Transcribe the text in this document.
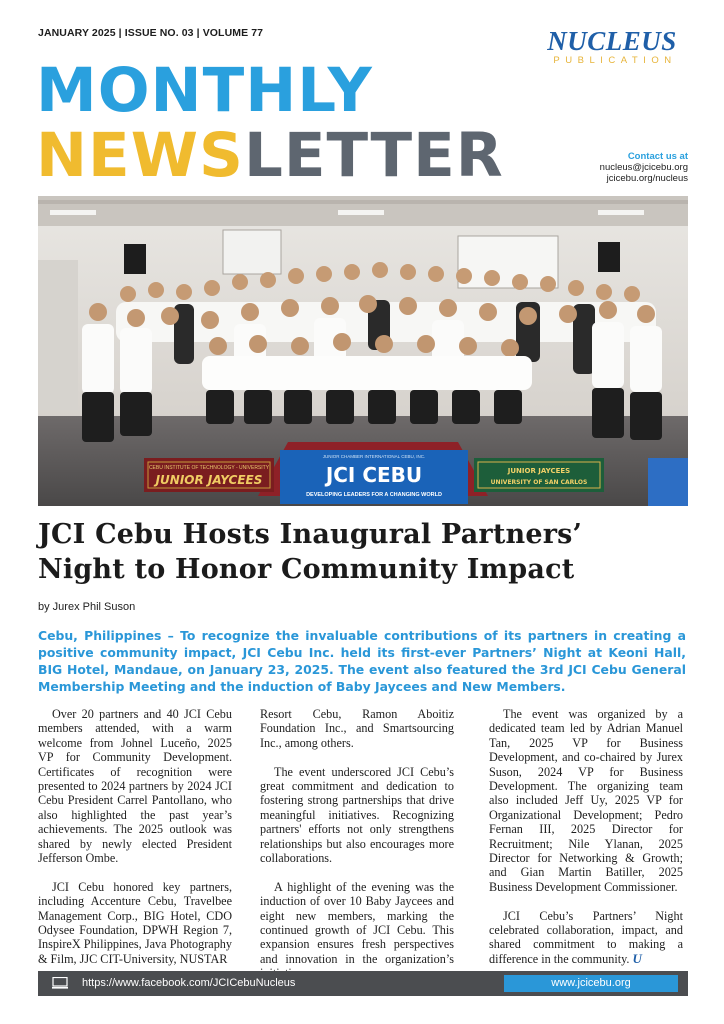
JANUARY 2025 | ISSUE NO. 03 | VOLUME 77	NUCLEUS
PUBLICATION
MONTHLY
NEWSLETTER	Contact us at
nucleus@jcicebu.org
jcicebu.org/nucleus
CEBU INSTITUTE OF TECHNOLOGY - UNIVERSITY
JUNIOR JAYCEES
JUNIOR CHAMBER INTERNATIONAL CEBU, INC.
JCI CEBU
DEVELOPING LEADERS FOR A CHANGING WORLD
JUNIOR JAYCEES
UNIVERSITY OF SAN CARLOS
JCI Cebu Hosts Inaugural Partners’
Night to Honor Community Impact
by Jurex Phil Suson
Cebu, Philippines – To recognize the invaluable contributions of its partners in creating a positive community impact, JCI Cebu Inc. held its first-ever Partners’ Night at Keoni Hall, BIG Hotel, Mandaue, on January 23, 2025. The event also featured the 3rd JCI Cebu General Membership Meeting and the induction of Baby Jaycees and New Members.

Over 20 partners and 40 JCI Cebu members attended, with a warm welcome from Johnel Luceño, 2025 VP for Community Development. Certificates of recognition were presented to 2024 partners by 2024 JCI Cebu President Carrel Pantollano, who also highlighted the past year’s achievements. The 2025 outlook was shared by newly elected President Jefferson Ombe.

JCI Cebu honored key partners, including Accenture Cebu, Travelbee Management Corp., BIG Hotel, CDO Odysee Foundation, DPWH Region 7, InspireX Philippines, Java Photography & Film, JJC CIT-University, NUSTAR

Resort Cebu, Ramon Aboitiz Foundation Inc., and Smartsourcing Inc., among others.

The event underscored JCI Cebu’s great commitment and dedication to fostering strong partnerships that drive meaningful initiatives. Recognizing partners' efforts not only strengthens relationships but also encourages more collaborations.

A highlight of the evening was the induction of over 10 Baby Jaycees and eight new members, marking the continued growth of JCI Cebu. This expansion ensures fresh perspectives and innovation in the organization’s

The event was organized by a dedicated team led by Adrian Manuel Tan, 2025 VP for Business Development, and co-chaired by Jurex Suson, 2024 VP for Business Development. The organizing team also included Jeff Uy, 2025 VP for Organizational Development; Pedro Fernan III, 2025 Director for Recruitment; Nile Ylanan, 2025 Director for Networking & Growth; and Gian Martin Batiller, 2025 Business Development Commissioner.

JCI Cebu’s Partners’ Night celebrated collaboration, impact, and shared commitment to making a difference in the community. U

https://www.facebook.com/JCICebuNucleus	www.jcicebu.org
